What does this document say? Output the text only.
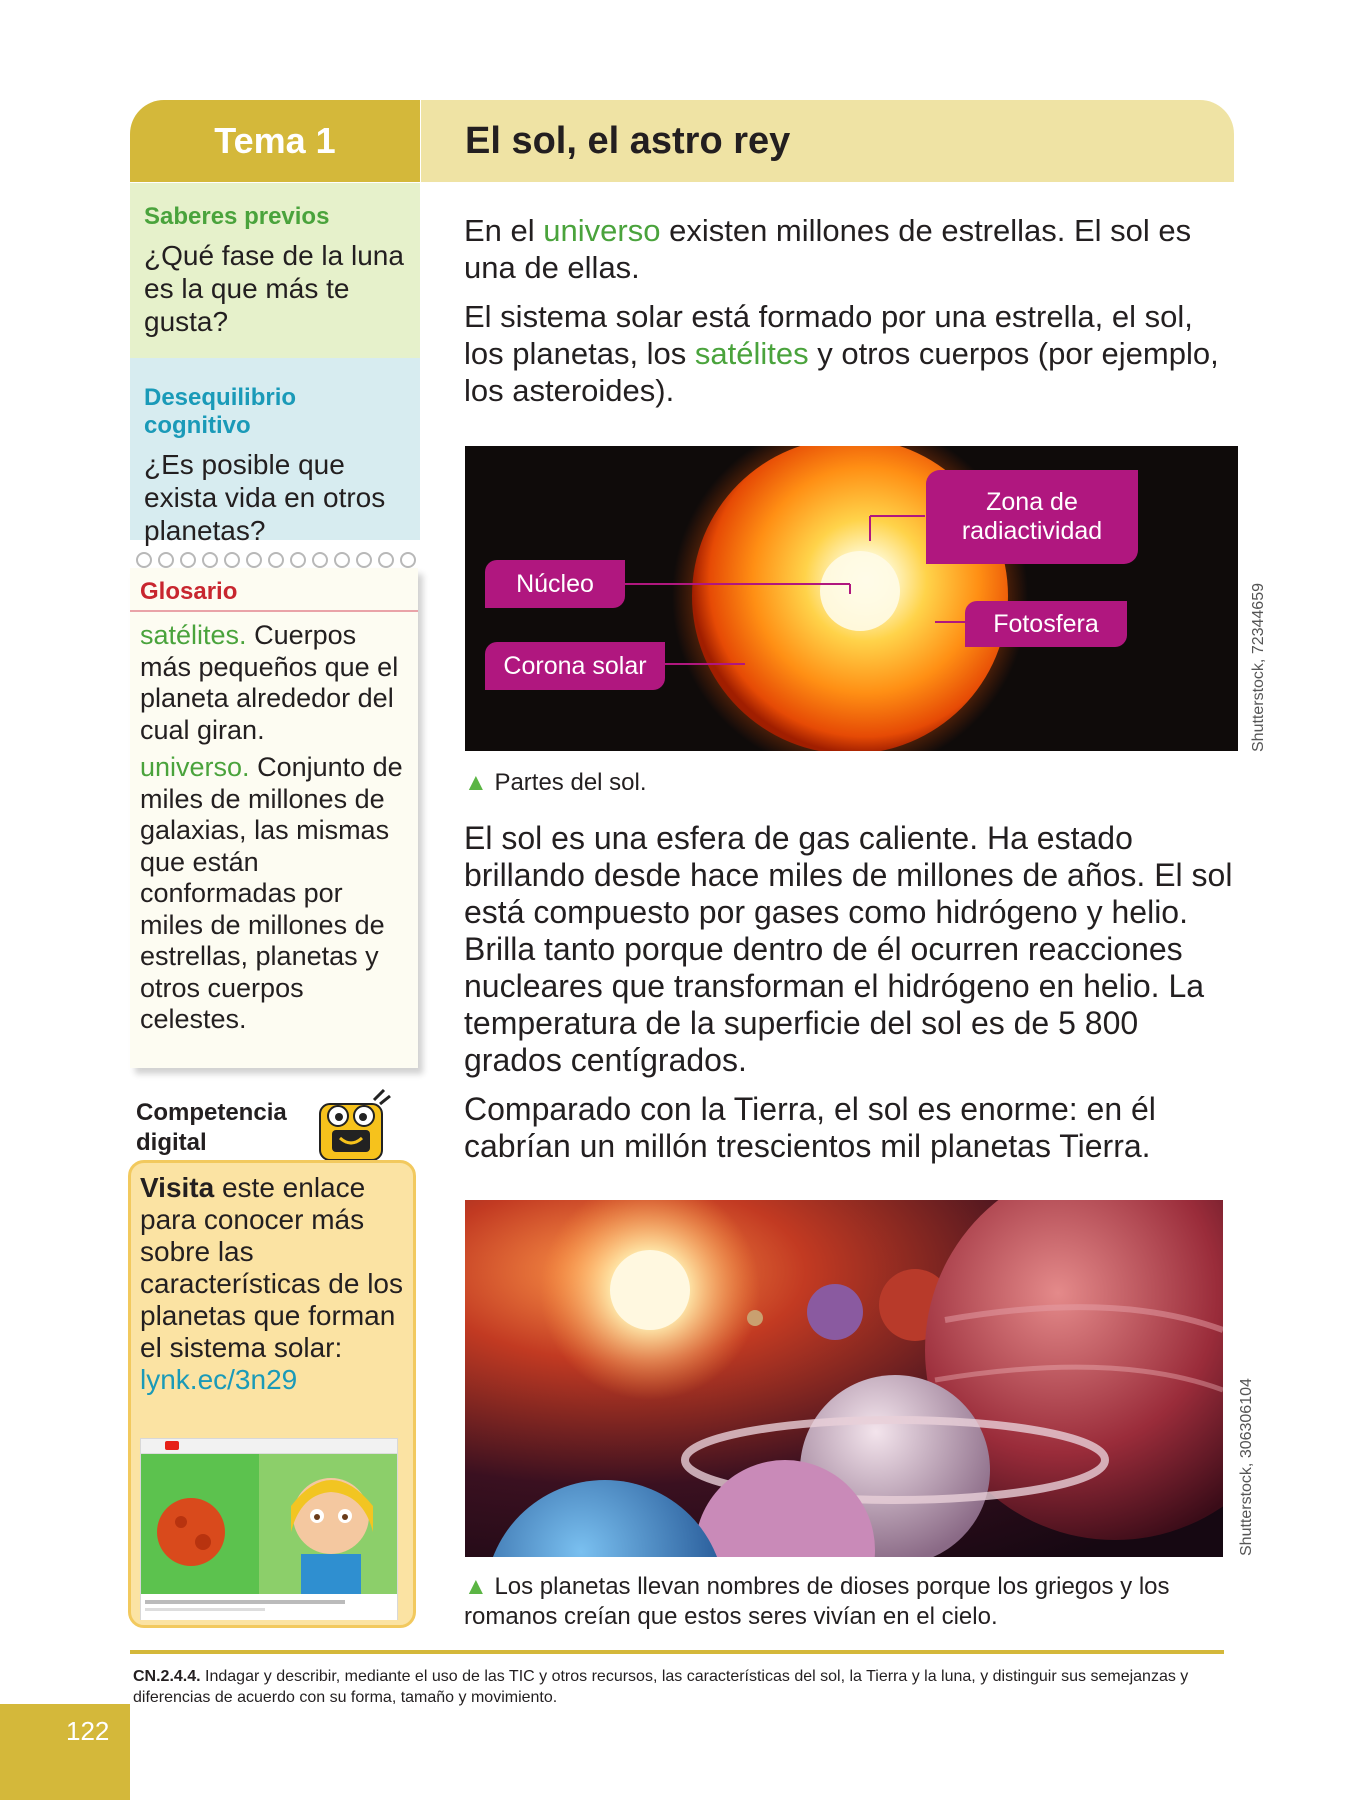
Tema 1	El sol, el astro rey

Saberes previos

¿Qué fase de la luna es la que más te gusta?

Desequilibrio cognitivo

¿Es posible que exista vida en otros planetas?

Glosario

satélites. Cuerpos más pequeños que el planeta alrededor del cual giran.

universo. Conjunto de miles de millones de galaxias, las mismas que están conformadas por miles de millones de estrellas, planetas y otros cuerpos celestes.

Competencia
digital
Visita este enlace para conocer más sobre las características de los planetas que forman el sistema solar:
lynk.ec/3n29

En el universo existen millones de estrellas. El sol es una de ellas.

El sistema solar está formado por una estrella, el sol, los planetas, los satélites y otros cuerpos (por ejemplo, los asteroides).

Zona de radiactividad
Núcleo
Fotosfera
Corona solar
▲ Partes del sol.
Shutterstock, 72344659

El sol es una esfera de gas caliente. Ha estado brillando desde hace miles de millones de años. El sol está compuesto por gases como hidrógeno y helio. Brilla tanto porque dentro de él ocurren reacciones nucleares que transforman el hidrógeno en helio. La temperatura de la superficie del sol es de 5 800 grados centígrados.

Comparado con la Tierra, el sol es enorme: en él cabrían un millón trescientos mil planetas Tierra.

▲ Los planetas llevan nombres de dioses porque los griegos y los romanos creían que estos seres vivían en el cielo.
Shutterstock, 306306104
CN.2.4.4. Indagar y describir, mediante el uso de las TIC y otros recursos, las características del sol, la Tierra y la luna, y distinguir sus semejanzas y diferencias de acuerdo con su forma, tamaño y movimiento.
122
